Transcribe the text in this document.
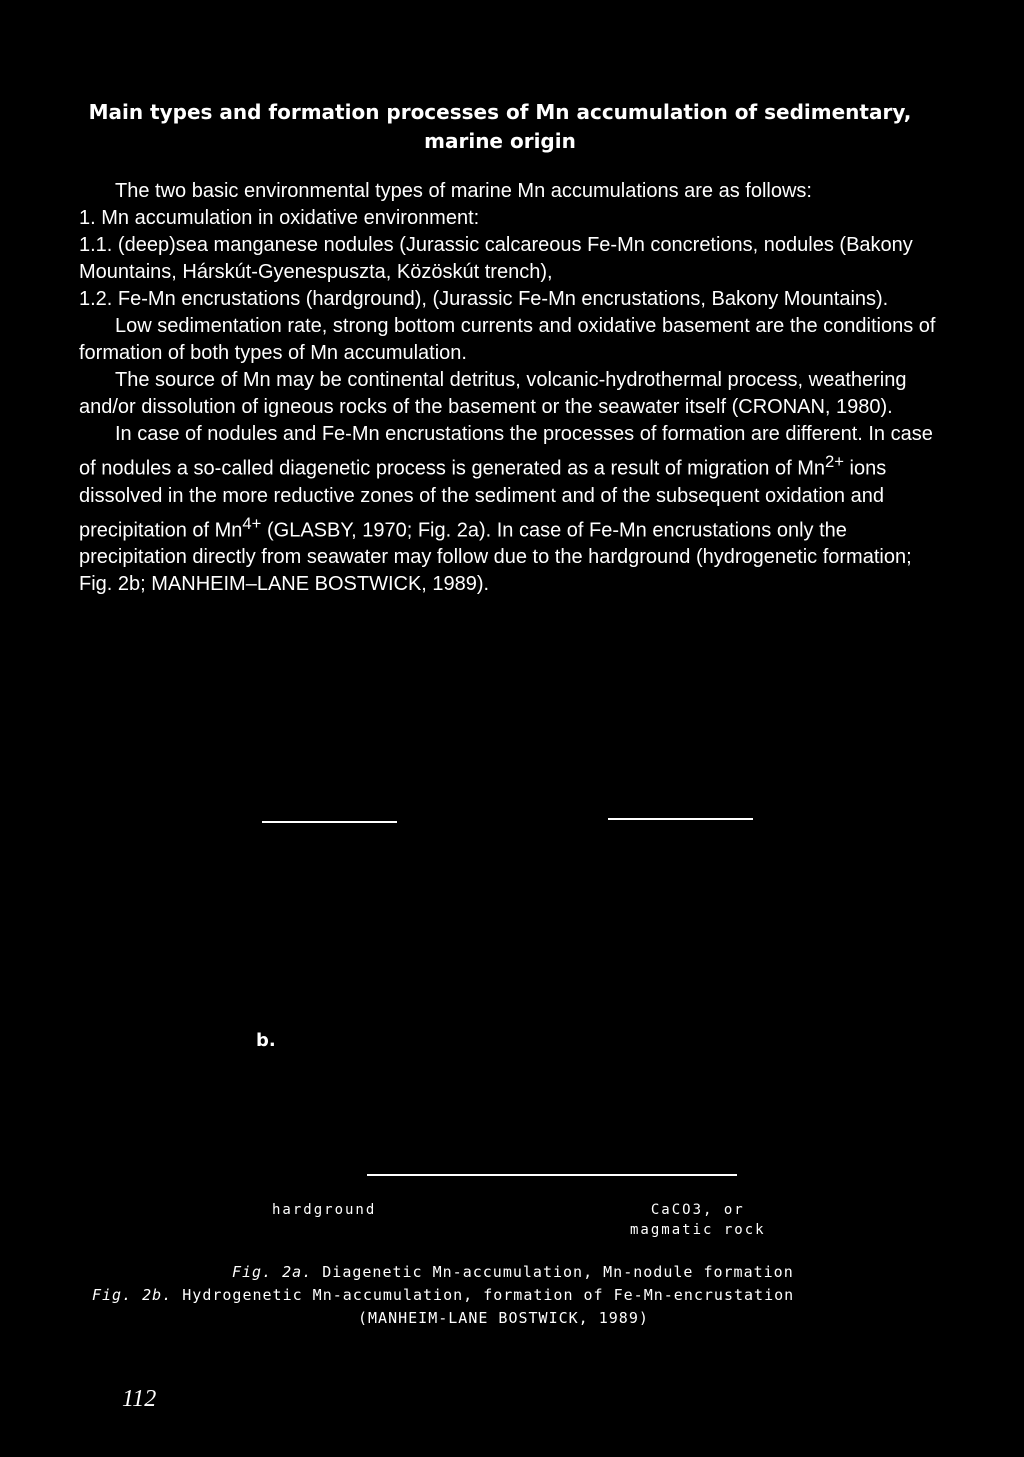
Main types and formation processes of Mn accumulation of sedimentary,
marine origin

The two basic environmental types of marine Mn accumulations are as follows:

1. Mn accumulation in oxidative environment:

1.1. (deep)sea manganese nodules (Jurassic calcareous Fe-Mn concretions, nodules (Bakony Mountains, Hárskút-Gyenespuszta, Közöskút trench),

1.2. Fe-Mn encrustations (hardground), (Jurassic Fe-Mn encrustations, Bakony Mountains).

Low sedimentation rate, strong bottom currents and oxidative basement are the conditions of formation of both types of Mn accumulation.

The source of Mn may be continental detritus, volcanic-hydrothermal process, weathering and/or dissolution of igneous rocks of the basement or the seawater itself (CRONAN, 1980).

In case of nodules and Fe-Mn encrustations the processes of formation are different. In case of nodules a so-called diagenetic process is generated as a result of migration of $Mn^{2+}$ ions dissolved in the more reductive zones of the sediment and of the subsequent oxidation and precipitation of $Mn^{4+}$ (GLASBY, 1970; Fig. 2a). In case of Fe-Mn encrustations only the precipitation directly from seawater may follow due to the hardground (hydrogenetic formation; Fig. 2b; MANHEIM–LANE BOSTWICK, 1989).

b.
hardground	CaCO3, or
magmatic rock
Fig. 2a. Diagenetic Mn-accumulation, Mn-nodule formation
Fig. 2b. Hydrogenetic Mn-accumulation, formation of Fe-Mn-encrustation
(MANHEIM-LANE BOSTWICK, 1989)
112
